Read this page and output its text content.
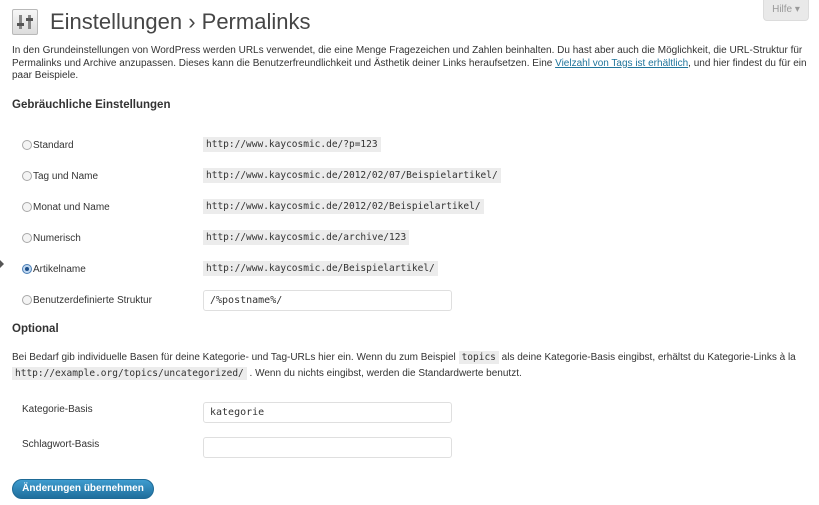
Hilfe ▾
Einstellungen › Permalinks
In den Grundeinstellungen von WordPress werden URLs verwendet, die eine Menge Fragezeichen und Zahlen beinhalten. Du hast aber auch die Möglichkeit, die URL-Struktur für Permalinks und Archive anzupassen. Dieses kann die Benutzerfreundlichkeit und Ästhetik deiner Links heraufsetzen. Eine Vielzahl von Tags ist erhältlich, und hier findest du für ein paar Beispiele.
Gebräuchliche Einstellungen
Standard	http://www.kaycosmic.de/?p=123
Tag und Name	http://www.kaycosmic.de/2012/02/07/Beispielartikel/
Monat und Name	http://www.kaycosmic.de/2012/02/Beispielartikel/
Numerisch	http://www.kaycosmic.de/archive/123
Artikelname	http://www.kaycosmic.de/Beispielartikel/
Benutzerdefinierte Struktur	/%postname%/
Optional
Bei Bedarf gib individuelle Basen für deine Kategorie- und Tag-URLs hier ein. Wenn du zum Beispiel topics als deine Kategorie-Basis eingibst, erhältst du Kategorie-Links à la
http://example.org/topics/uncategorized/ . Wenn du nichts eingibst, werden die Standardwerte benutzt.
Kategorie-Basis	kategorie
Schlagwort-Basis
Änderungen übernehmen
